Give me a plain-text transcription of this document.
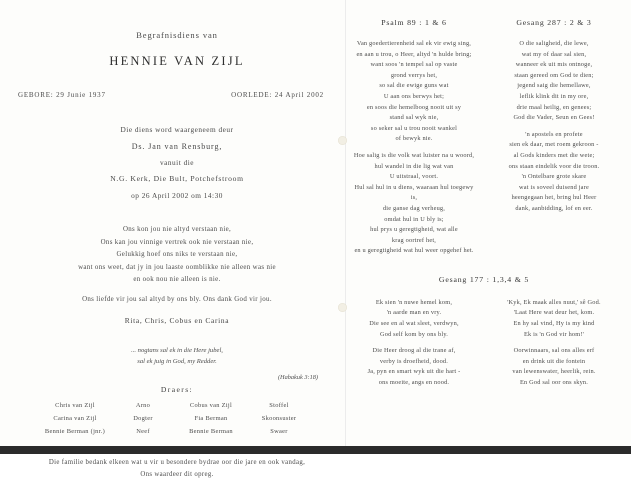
Begrafnisdiens van
HENNIE VAN ZIJL
GEBORE: 29 Junie 1937	OORLEDE: 24 April 2002
Die diens word waargeneem deur
Ds. Jan van Rensburg,
vanuit die
N.G. Kerk, Die Bult, Potchefstroom
op 26 April 2002 om 14:30
Ons kon jou nie altyd verstaan nie,
Ons kan jou vinnige vertrek ook nie verstaan nie,
Gelukkig hoef ons niks te verstaan nie,
want ons weet, dat jy in jou laaste oomblikke nie alleen was nie
en ook nou nie alleen is nie.
Ons liefde vir jou sal altyd by ons bly. Ons dank God vir jou.
Rita, Chris, Cobus en Carina
... nogtans sal ek in die Here jubel,
sal ek juig in God, my Redder.
(Habakuk 3:18)
Draers:
Chris van Zijl	Arno	Cobus van Zijl	Stoffel
Carina van Zijl	Dogter	Fia Berman	Skoonsuster
Bennie Berman (jnr.)	Neef	Bennie Berman	Swaer
Die familie bedank elkeen wat u vir u besondere bydrae oor die jare en ook vandag,
Ons waardeer dit opreg.
Psalm 89 : 1 & 6
Van goedertierenheid sal ek vir ewig sing,
en aan u trou, o Heer, altyd 'n hulde bring;
want soos 'n tempel sal op vaste
grond verrys het,
so sal die ewige guns wat
U aan ons berwys het;
en soos die hemelboog nooit uit sy
stand sal wyk nie,
so seker sal u trou nooit wankel
of bewyk nie.
Hoe salig is die volk wat luister na u woord,
hul wandel in die lig wat van
U uitstraal, voort.
Hul sal hul in u diens, waaraan hul toegewy is,
die ganse dag verheug,
omdat hul in U bly is;
hul prys u geregtigheid, wat alle
krag oortref het,
en u geregtigheid wat hul weer opgehef het.
Gesang 287 : 2 & 3
O die saligheid, die lewe,
wat my of daar sal sien,
wanneer ek uit mis ontnoge,
staan gereed om God te dien;
jegend saig die hemellawe,
leflik klink dit in my ore,
drie maal heilig, en genees;
God die Vader, Seun en Gees!
'n apostels en profete
sien ek daar, met roem gekroon -
al Gods kinders met die wete;
ons staan eindelik voor die troon.
'n Ontelbare grote skare
wat is soveel duisend jare
heengegaan het, bring hul Heer
dank, aanbidding, lof en eer.
Gesang 177 : 1,3,4 & 5
Ek sien 'n nuwe hemel kom,
'n aarde man en vry.
Die see en al wat sleet, verdwyn,
God self kom by ons bly.
Die Heer droog al die trane af,
verby is droefheid, dood.
Ja, pyn en smart wyk uit die hart -
ons moeite, angs en nood.
'Kyk, Ek maak alles nuut,' sê God.
'Laat Here wat deur het, kom.
En hy sal vind, Hy is my kind
Ek is 'n God vir hom!'
Oorwinnaars, sal ons alles erf
en drink uit die fontein
van lewenswater, heerlik, rein.
En God sal oor ons skyn.
